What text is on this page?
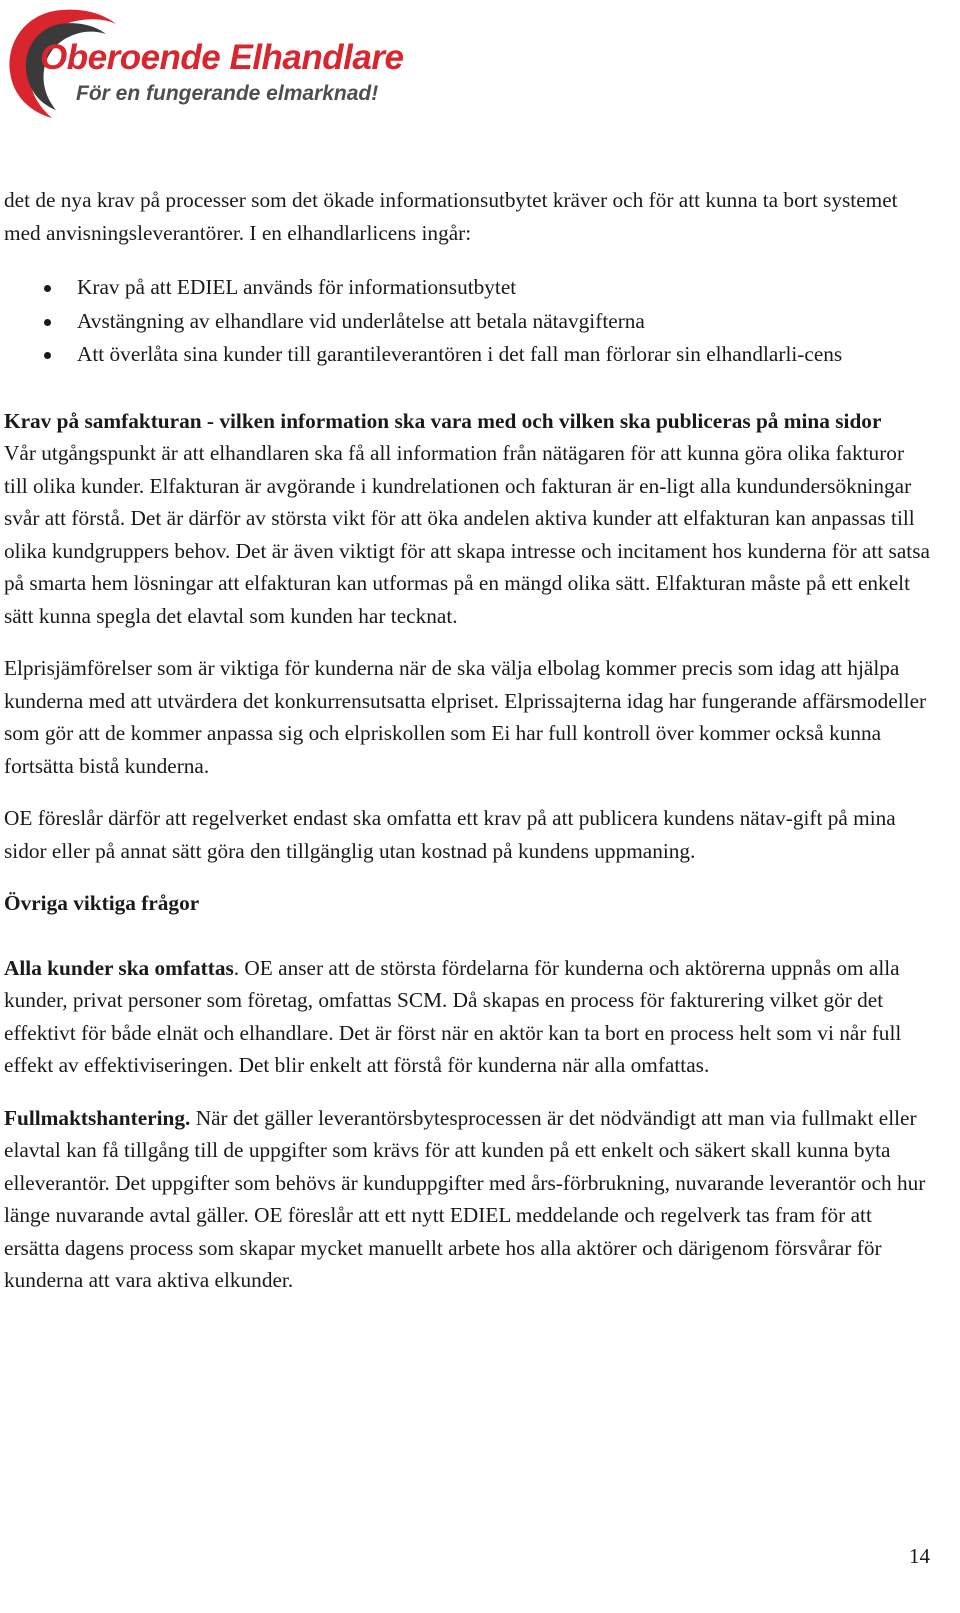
Oberoende Elhandlare
För en fungerande elmarknad!

det de nya krav på processer som det ökade informationsutbytet kräver och för att kunna ta bort systemet med anvisningsleverantörer. I en elhandlarlicens ingår:

Krav på att EDIEL används för informationsutbytet
Avstängning av elhandlare vid underlåtelse att betala nätavgifterna
Att överlåta sina kunder till garantileverantören i det fall man förlorar sin elhandlarli-cens

Krav på samfakturan - vilken information ska vara med och vilken ska publiceras på mina sidor

Vår utgångspunkt är att elhandlaren ska få all information från nätägaren för att kunna göra olika fakturor till olika kunder. Elfakturan är avgörande i kundrelationen och fakturan är en-ligt alla kundundersökningar svår att förstå. Det är därför av största vikt för att öka andelen aktiva kunder att elfakturan kan anpassas till olika kundgruppers behov. Det är även viktigt för att skapa intresse och incitament hos kunderna för att satsa på smarta hem lösningar att elfakturan kan utformas på en mängd olika sätt. Elfakturan måste på ett enkelt sätt kunna spegla det elavtal som kunden har tecknat.

Elprisjämförelser som är viktiga för kunderna när de ska välja elbolag kommer precis som idag att hjälpa kunderna med att utvärdera det konkurrensutsatta elpriset. Elprissajterna idag har fungerande affärsmodeller som gör att de kommer anpassa sig och elpriskollen som Ei har full kontroll över kommer också kunna fortsätta bistå kunderna.

OE föreslår därför att regelverket endast ska omfatta ett krav på att publicera kundens nätav-gift på mina sidor eller på annat sätt göra den tillgänglig utan kostnad på kundens uppmaning.

Övriga viktiga frågor

Alla kunder ska omfattas. OE anser att de största fördelarna för kunderna och aktörerna uppnås om alla kunder, privat personer som företag, omfattas SCM. Då skapas en process för fakturering vilket gör det effektivt för både elnät och elhandlare. Det är först när en aktör kan ta bort en process helt som vi når full effekt av effektiviseringen. Det blir enkelt att förstå för kunderna när alla omfattas.

Fullmaktshantering. När det gäller leverantörsbytesprocessen är det nödvändigt att man via fullmakt eller elavtal kan få tillgång till de uppgifter som krävs för att kunden på ett enkelt och säkert skall kunna byta elleverantör. Det uppgifter som behövs är kunduppgifter med års-förbrukning, nuvarande leverantör och hur länge nuvarande avtal gäller. OE föreslår att ett nytt EDIEL meddelande och regelverk tas fram för att ersätta dagens process som skapar mycket manuellt arbete hos alla aktörer och därigenom försvårar för kunderna att vara aktiva elkunder.

14
